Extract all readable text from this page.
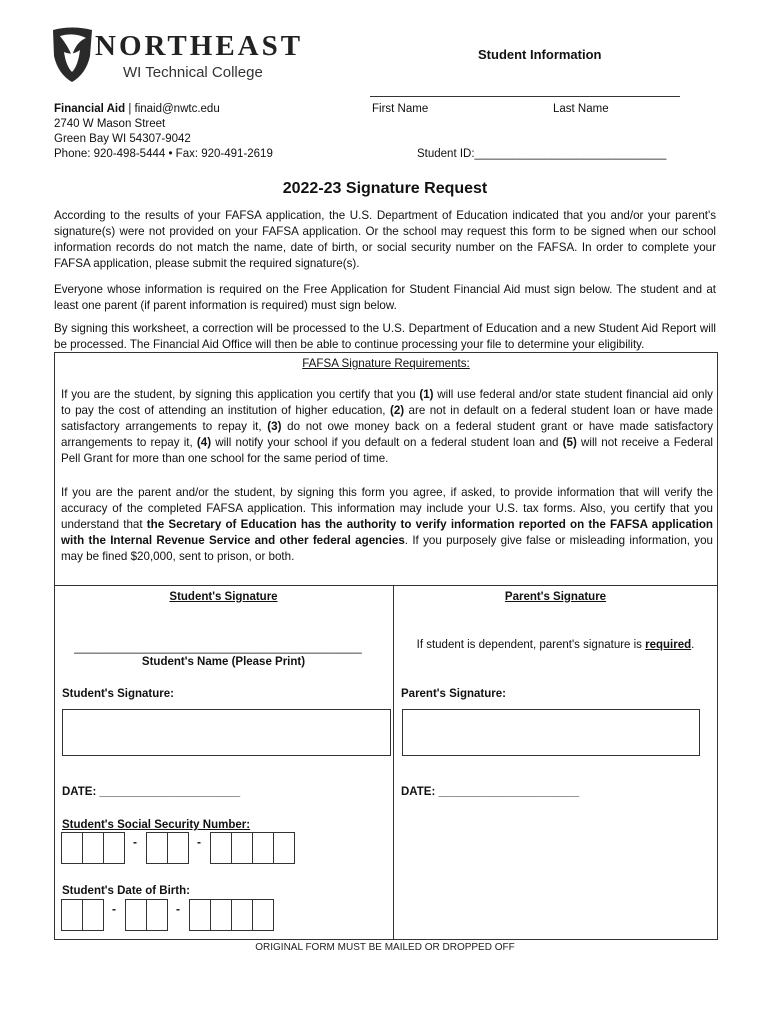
NORTHEAST
WI Technical College
Student Information
First Name	Last Name
Student ID:______________________________
Financial Aid | finaid@nwtc.edu
2740 W Mason Street
Green Bay WI 54307-9042
Phone: 920-498-5444 • Fax: 920-491-2619
2022-23 Signature Request
According to the results of your FAFSA application, the U.S. Department of Education indicated that you and/or your parent's signature(s) were not provided on your FAFSA application. Or the school may request this form to be signed when our school information records do not match the name, date of birth, or social security number on the FAFSA. In order to complete your FAFSA application, please submit the required signature(s).
Everyone whose information is required on the Free Application for Student Financial Aid must sign below. The student and at least one parent (if parent information is required) must sign below.
By signing this worksheet, a correction will be processed to the U.S. Department of Education and a new Student Aid Report will be processed. The Financial Aid Office will then be able to continue processing your file to determine your eligibility.
FAFSA Signature Requirements:
If you are the student, by signing this application you certify that you (1) will use federal and/or state student financial aid only to pay the cost of attending an institution of higher education, (2) are not in default on a federal student loan or have made satisfactory arrangements to repay it, (3) do not owe money back on a federal student grant or have made satisfactory arrangements to repay it, (4) will notify your school if you default on a federal student loan and (5) will not receive a Federal Pell Grant for more than one school for the same period of time.
If you are the parent and/or the student, by signing this form you agree, if asked, to provide information that will verify the accuracy of the completed FAFSA application. This information may include your U.S. tax forms. Also, you certify that you understand that the Secretary of Education has the authority to verify information reported on the FAFSA application with the Internal Revenue Service and other federal agencies. If you purposely give false or misleading information, you may be fined $20,000, sent to prison, or both.
Student's Signature
_____________________________________________
Student's Name (Please Print)
Student's Signature:
DATE: ______________________
Student's Social Security Number:
-	-
Student's Date of Birth:
-	-
Parent's Signature
If student is dependent, parent's signature is required.
Parent's Signature:
DATE: ______________________
ORIGINAL FORM MUST BE MAILED OR DROPPED OFF
